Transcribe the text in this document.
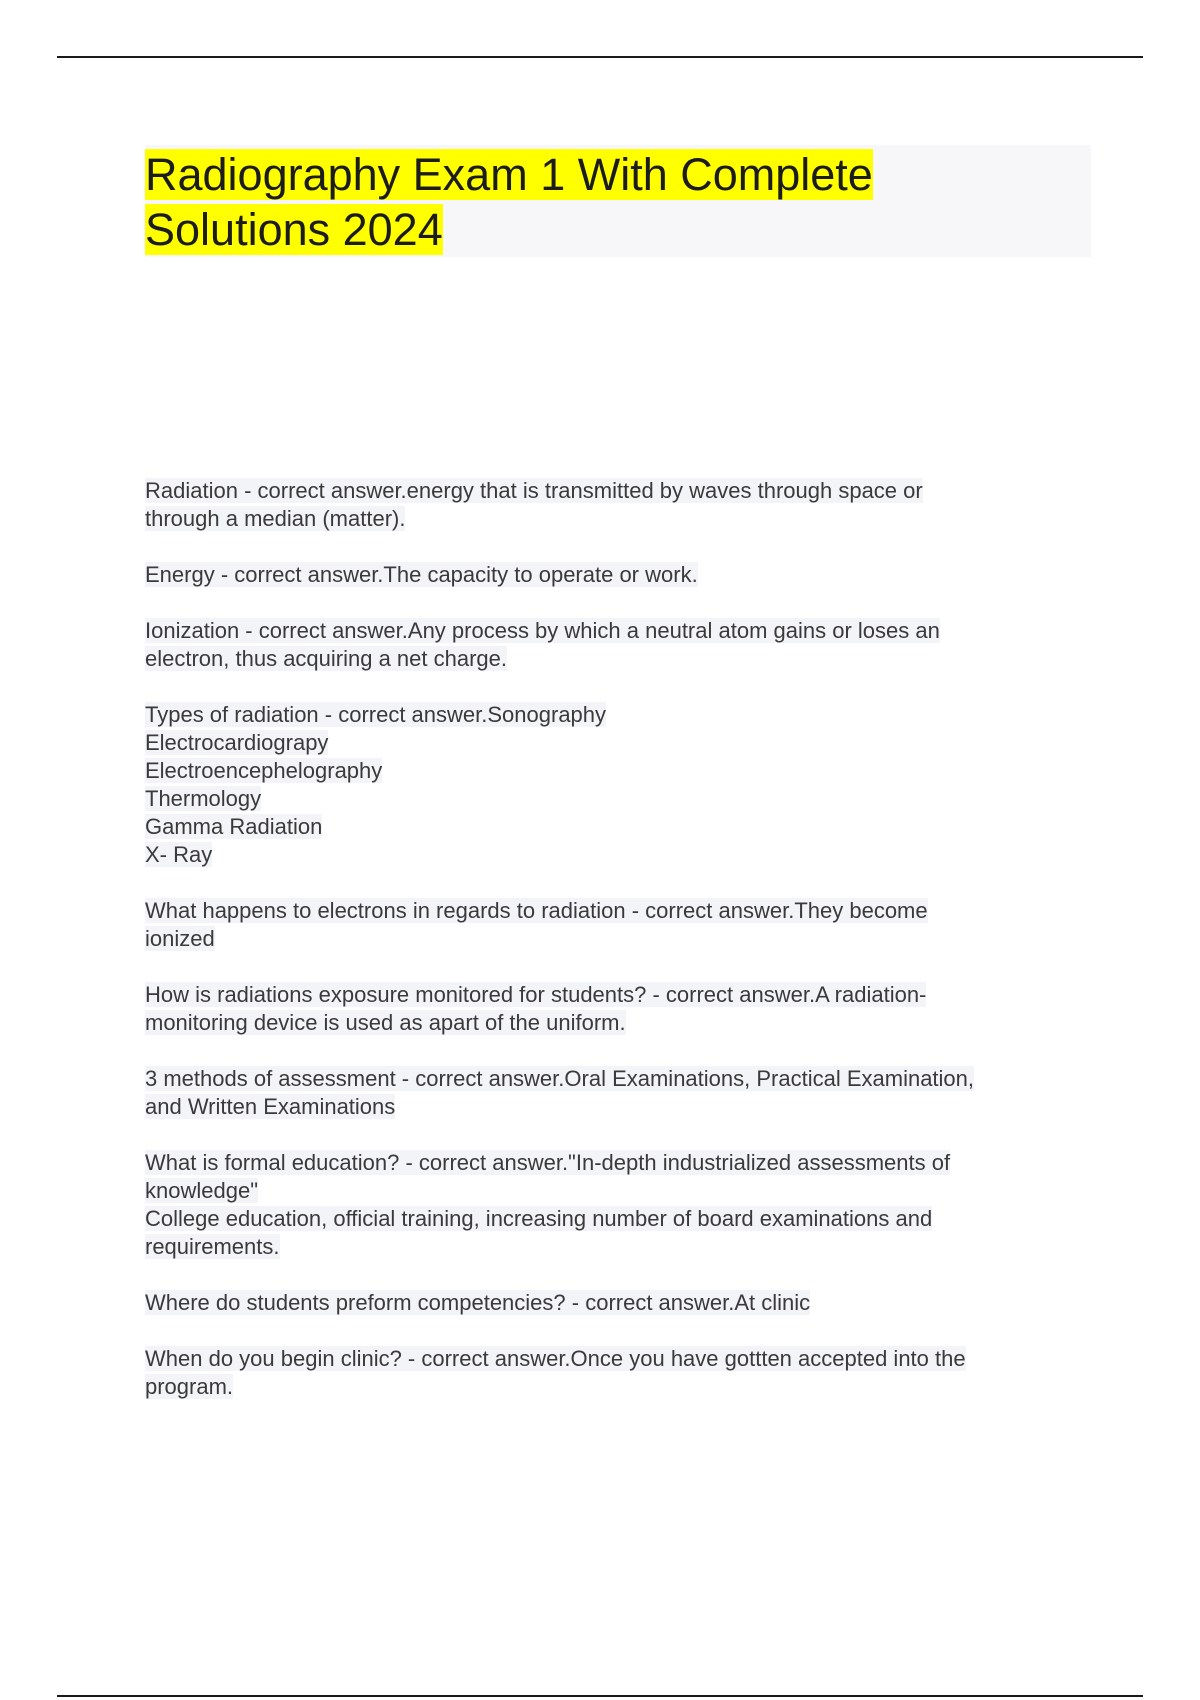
Radiography Exam 1 With Complete
Solutions 2024

Radiation - correct answer.energy that is transmitted by waves through space or
through a median (matter).

Energy - correct answer.The capacity to operate or work.

Ionization - correct answer.Any process by which a neutral atom gains or loses an
electron, thus acquiring a net charge.

Types of radiation - correct answer.Sonography
Electrocardiograpy
Electroencephelography
Thermology
Gamma Radiation
X- Ray

What happens to electrons in regards to radiation - correct answer.They become
ionized

How is radiations exposure monitored for students? - correct answer.A radiation-
monitoring device is used as apart of the uniform.

3 methods of assessment - correct answer.Oral Examinations, Practical Examination,
and Written Examinations

What is formal education? - correct answer."In-depth industrialized assessments of
knowledge"
College education, official training, increasing number of board examinations and
requirements.

Where do students preform competencies? - correct answer.At clinic

When do you begin clinic? - correct answer.Once you have gottten accepted into the
program.
